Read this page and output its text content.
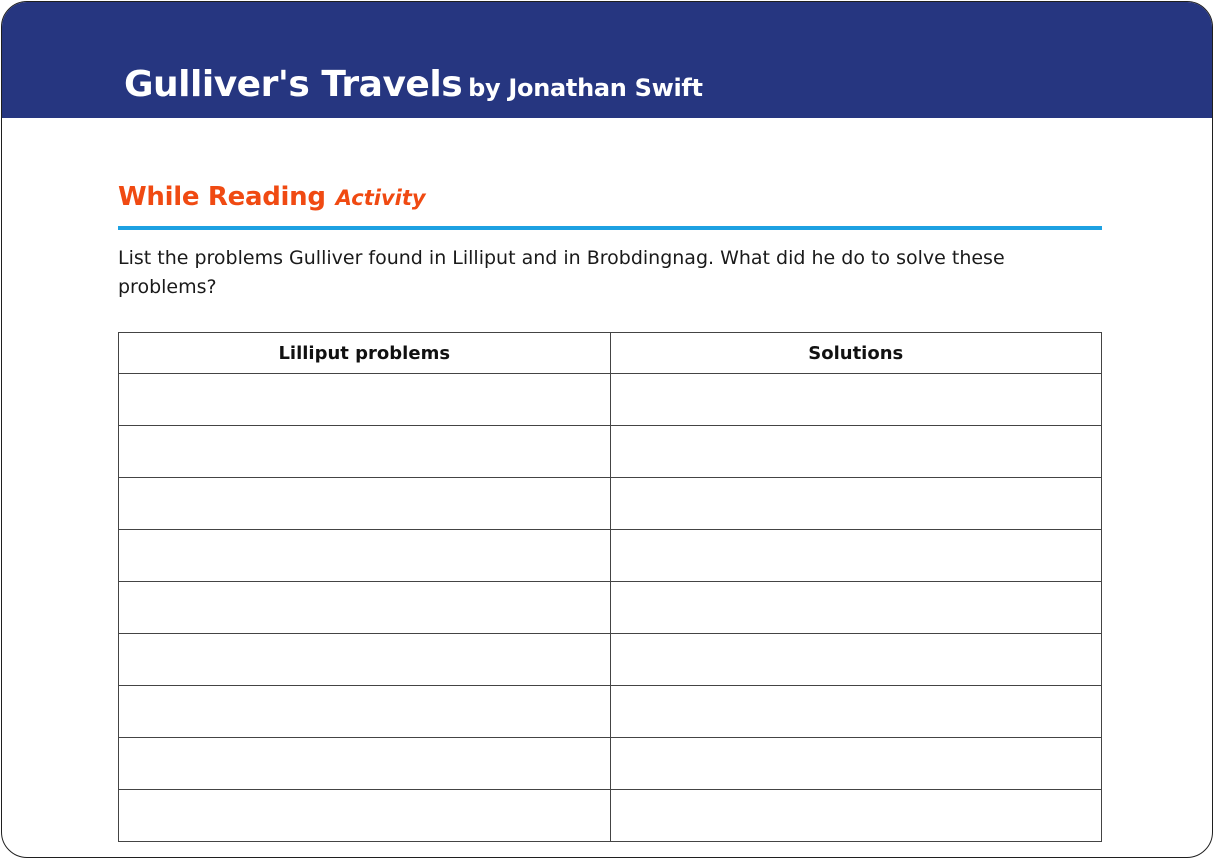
Gulliver's Travels by Jonathan Swift
While Reading Activity
List the problems Gulliver found in Lilliput and in Brobdingnag. What did he do to solve these problems?
Lilliput problems	Solutions
